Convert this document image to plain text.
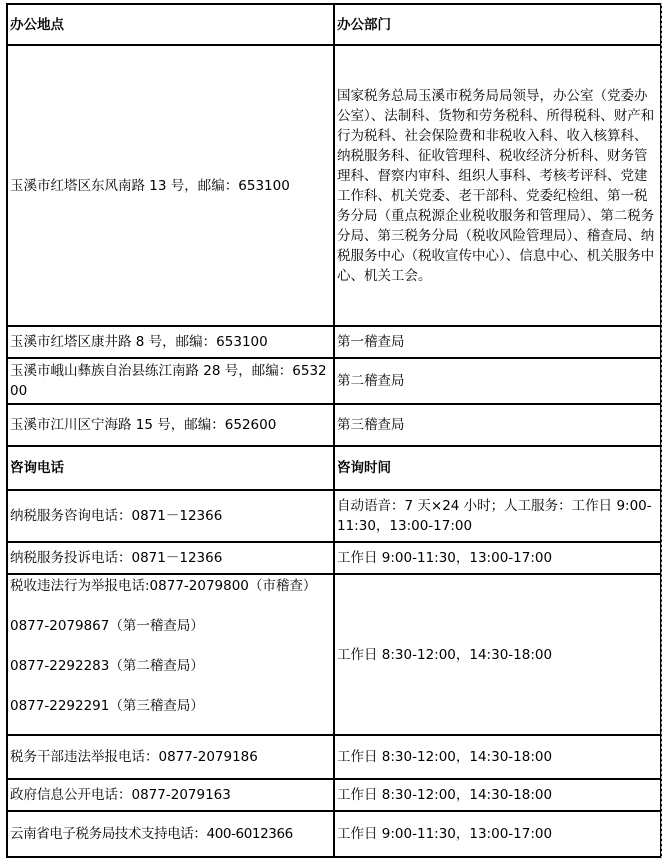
办公地点	办公部门
玉溪市红塔区东风南路 13 号，邮编：653100	国家税务总局玉溪市税务局局领导，办公室（党委办公室）、法制科、货物和劳务税科、所得税科、财产和行为税科、社会保险费和非税收入科、收入核算科、纳税服务科、征收管理科、税收经济分析科、财务管理科、督察内审科、组织人事科、考核考评科、党建工作科、机关党委、老干部科、党委纪检组、第一税务分局（重点税源企业税收服务和管理局）、第二税务分局、第三税务分局（税收风险管理局）、稽查局、纳税服务中心（税收宣传中心）、信息中心、机关服务中心、机关工会。
玉溪市红塔区康井路 8 号，邮编：653100	第一稽查局
玉溪市峨山彝族自治县练江南路 28 号，邮编：653200	第二稽查局
玉溪市江川区宁海路 15 号，邮编：652600	第三稽查局
咨询电话	咨询时间
纳税服务咨询电话：0871－12366	自动语音：7 天×24 小时；人工服务：工作日 9:00-11:30，13:00-17:00
纳税服务投诉电话：0871－12366	工作日 9:00-11:30，13:00-17:00

税收违法行为举报电话:0877-2079800（市稽查）
0877-2079867（第一稽查局）
0877-2292283（第二稽查局）
0877-2292291（第三稽查局）	工作日 8:30-12:00，14:30-18:00
税务干部违法举报电话：0877-2079186	工作日 8:30-12:00，14:30-18:00
政府信息公开电话：0877-2079163	工作日 8:30-12:00，14:30-18:00
云南省电子税务局技术支持电话：400-6012366	工作日 9:00-11:30，13:00-17:00
